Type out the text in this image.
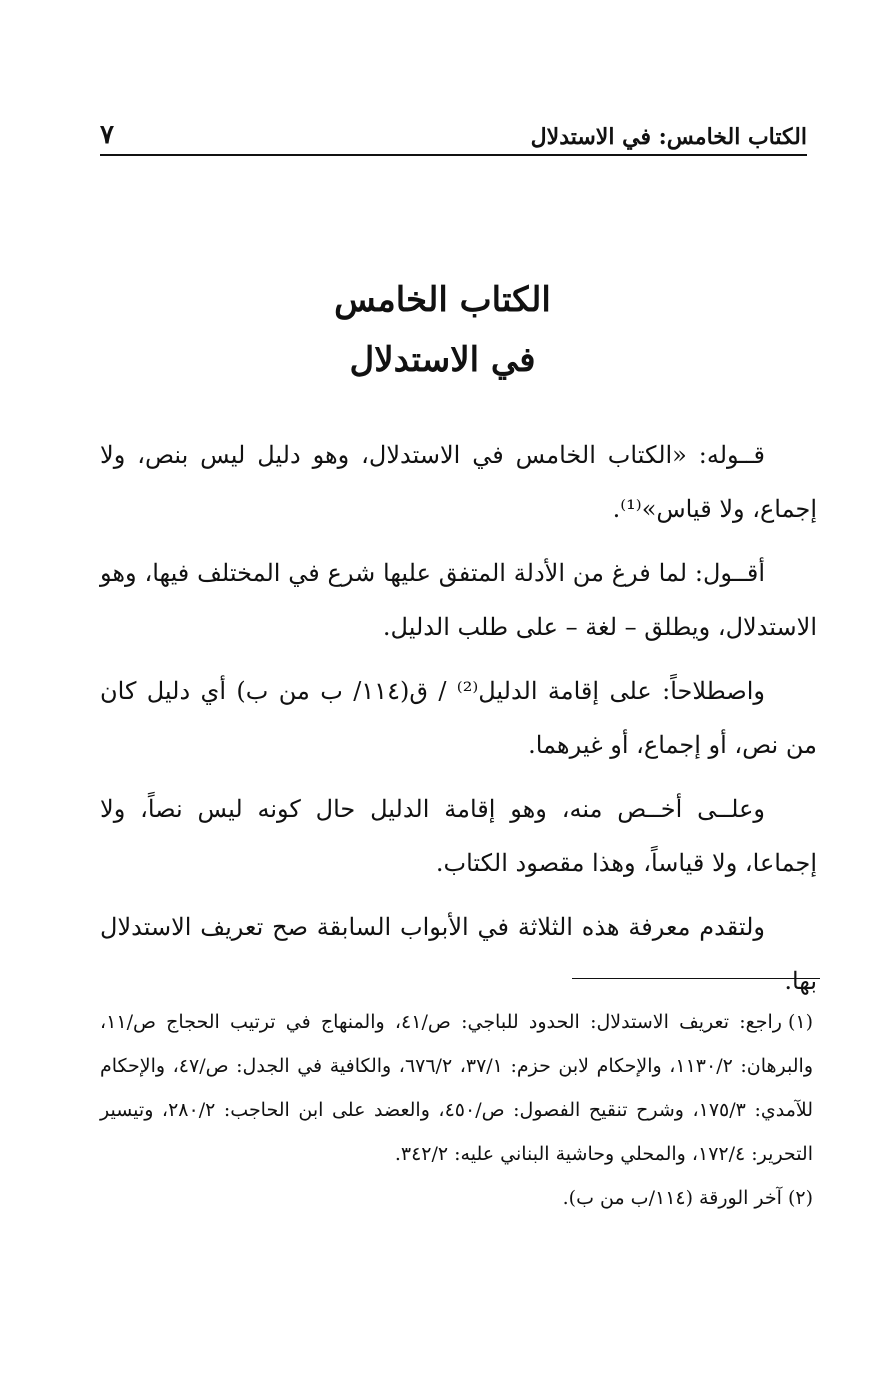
الكتاب الخامس: في الاستدلال
٧
الكتاب الخامس
في الاستدلال

قــوله: «الكتاب الخامس في الاستدلال، وهو دليل ليس بنص، ولا إجماع، ولا قياس»⁽¹⁾.

أقــول: لما فرغ من الأدلة المتفق عليها شرع في المختلف فيها، وهو الاستدلال، ويطلق – لغة – على طلب الدليل.

واصطلاحاً: على إقامة الدليل⁽²⁾ / ق(١١٤/ ب من ب) أي دليل كان من نص، أو إجماع، أو غيرهما.

وعلــى أخــص منه، وهو إقامة الدليل حال كونه ليس نصاً، ولا إجماعا، ولا قياساً، وهذا مقصود الكتاب.

ولتقدم معرفة هذه الثلاثة في الأبواب السابقة صح تعريف الاستدلال بها.

(١)راجع: تعريف الاستدلال: الحدود للباجي: ص/٤١، والمنهاج في ترتيب الحجاج ص/١١، والبرهان: ١١٣٠/٢، والإحكام لابن حزم: ٣٧/١، ٦٧٦/٢، والكافية في الجدل: ص/٤٧، والإحكام للآمدي: ١٧٥/٣، وشرح تنقيح الفصول: ص/٤٥٠، والعضد على ابن الحاجب: ٢٨٠/٢، وتيسير التحرير: ١٧٢/٤، والمحلي وحاشية البناني عليه: ٣٤٢/٢.

(٢)آخر الورقة (١١٤/ب من ب).
